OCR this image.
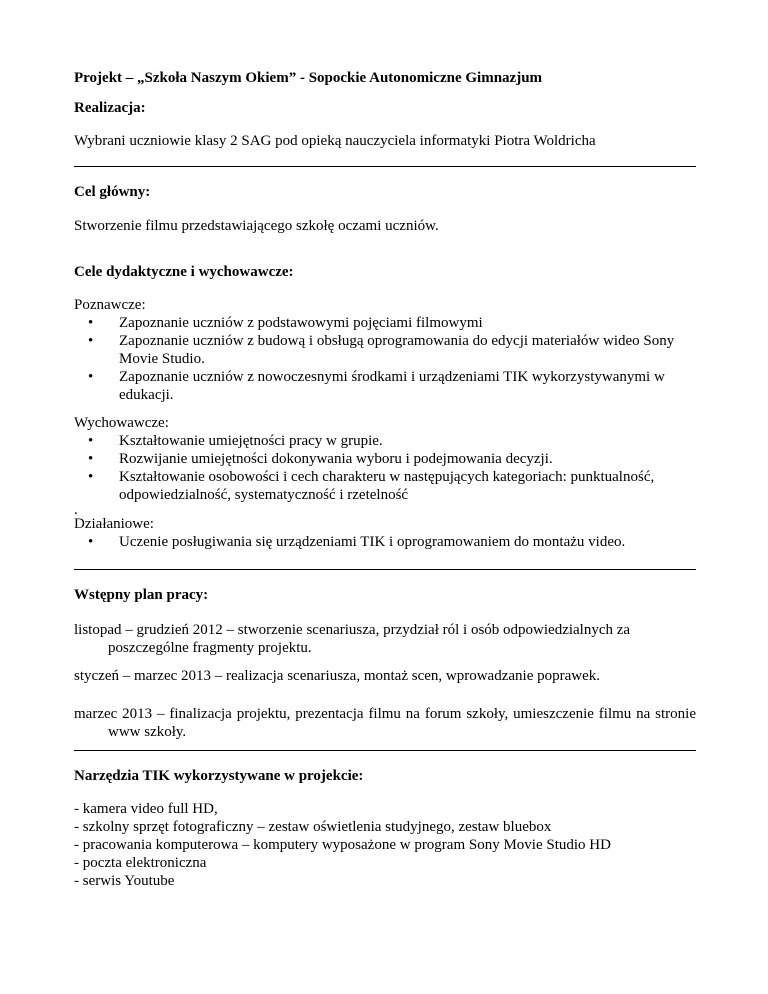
Projekt – „Szkoła Naszym Okiem” - Sopockie Autonomiczne Gimnazjum
Realizacja:
Wybrani uczniowie klasy 2 SAG pod opieką nauczyciela informatyki Piotra Woldricha
Cel główny:
Stworzenie filmu przedstawiającego szkołę oczami uczniów.
Cele dydaktyczne i wychowawcze:
Poznawcze:
• Zapoznanie uczniów z podstawowymi pojęciami filmowymi
• Zapoznanie uczniów z budową i obsługą oprogramowania do edycji materiałów wideo Sony Movie Studio.
• Zapoznanie uczniów z nowoczesnymi środkami i urządzeniami TIK wykorzystywanymi w edukacji.
Wychowawcze:
• Kształtowanie umiejętności pracy w grupie.
• Rozwijanie umiejętności dokonywania wyboru i podejmowania decyzji.
• Kształtowanie osobowości i cech charakteru w następujących kategoriach: punktualność, odpowiedzialność, systematyczność i rzetelność
.
Działaniowe:
• Uczenie posługiwania się urządzeniami TIK i oprogramowaniem do montażu video.
Wstępny plan pracy:
listopad – grudzień 2012 – stworzenie scenariusza, przydział ról i osób odpowiedzialnych za poszczególne fragmenty projektu.
styczeń – marzec 2013 – realizacja scenariusza, montaż scen, wprowadzanie poprawek.
marzec 2013 – finalizacja projektu, prezentacja filmu na forum szkoły, umieszczenie filmu na stronie www szkoły.
Narzędzia TIK wykorzystywane w projekcie:
- kamera video full HD,
- szkolny sprzęt fotograficzny – zestaw oświetlenia studyjnego, zestaw bluebox
- pracowania komputerowa – komputery wyposażone w program Sony Movie Studio HD
- poczta elektroniczna
- serwis Youtube
